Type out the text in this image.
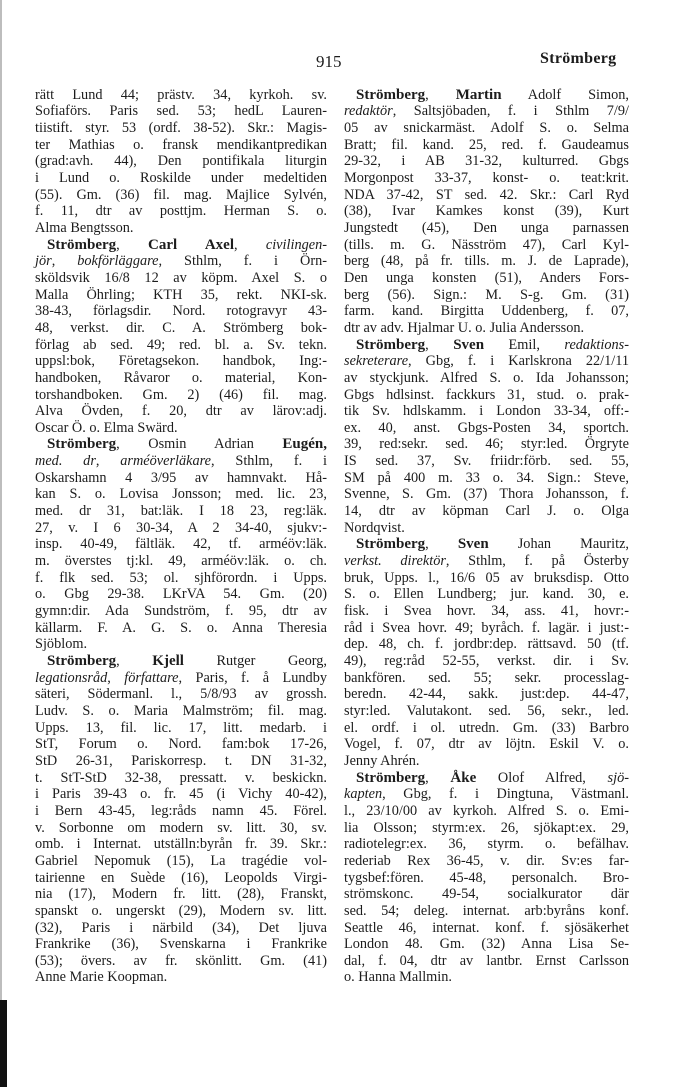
915	Strömberg
rätt Lund 44; prästv. 34, kyrkoh. sv.
Sofiaförs. Paris sed. 53; hedL Lauren-
tiistift. styr. 53 (ordf. 38-52). Skr.: Magis-
ter Mathias o. fransk mendikantpredikan
(grad:avh. 44), Den pontifikala liturgin
i Lund o. Roskilde under medeltiden
(55). Gm. (36) fil. mag. Majlice Sylvén,
f. 11, dtr av posttjm. Herman S. o.
Alma Bengtsson.
Strömberg, Carl Axel, civilingen-
jör, bokförläggare, Sthlm, f. i Örn-
sköldsvik 16/8 12 av köpm. Axel S. o
Malla Öhrling; KTH 35, rekt. NKI-sk.
38-43, förlagsdir. Nord. rotogravyr 43-
48, verkst. dir. C. A. Strömberg bok-
förlag ab sed. 49; red. bl. a. Sv. tekn.
uppsl:bok, Företagsekon. handbok, Ing:-
handboken, Råvaror o. material, Kon-
torshandboken. Gm. 2) (46) fil. mag.
Alva Övden, f. 20, dtr av lärov:adj.
Oscar Ö. o. Elma Swärd.
Strömberg, Osmin Adrian Eugén,
med. dr, arméöverläkare, Sthlm, f. i
Oskarshamn 4 3/95 av hamnvakt. Hå-
kan S. o. Lovisa Jonsson; med. lic. 23,
med. dr 31, bat:läk. I 18 23, reg:läk.
27, v. I 6 30-34, A 2 34-40, sjukv:-
insp. 40-49, fältläk. 42, tf. arméöv:läk.
m. överstes tj:kl. 49, arméöv:läk. o. ch.
f. flk sed. 53; ol. sjhförordn. i Upps.
o. Gbg 29-38. LKrVA 54. Gm. (20)
gymn:dir. Ada Sundström, f. 95, dtr av
källarm. F. A. G. S. o. Anna Theresia
Sjöblom.
Strömberg, Kjell Rutger Georg,
legationsråd, författare, Paris, f. å Lundby
säteri, Södermanl. l., 5/8/93 av grossh.
Ludv. S. o. Maria Malmström; fil. mag.
Upps. 13, fil. lic. 17, litt. medarb. i
StT, Forum o. Nord. fam:bok 17-26,
StD 26-31, Pariskorresp. t. DN 31-32,
t. StT-StD 32-38, pressatt. v. beskickn.
i Paris 39-43 o. fr. 45 (i Vichy 40-42),
i Bern 43-45, leg:råds namn 45. Förel.
v. Sorbonne om modern sv. litt. 30, sv.
omb. i Internat. utställn:byrån fr. 39. Skr.:
Gabriel Nepomuk (15), La tragédie vol-
tairienne en Suède (16), Leopolds Virgi-
nia (17), Modern fr. litt. (28), Franskt,
spanskt o. ungerskt (29), Modern sv. litt.
(32), Paris i närbild (34), Det ljuva
Frankrike (36), Svenskarna i Frankrike
(53); övers. av fr. skönlitt. Gm. (41)
Anne Marie Koopman.
Strömberg, Martin Adolf Simon,
redaktör, Saltsjöbaden, f. i Sthlm 7/9/
05 av snickarmäst. Adolf S. o. Selma
Bratt; fil. kand. 25, red. f. Gaudeamus
29-32, i AB 31-32, kulturred. Gbgs
Morgonpost 33-37, konst- o. teat:krit.
NDA 37-42, ST sed. 42. Skr.: Carl Ryd
(38), Ivar Kamkes konst (39), Kurt
Jungstedt (45), Den unga parnassen
(tills. m. G. Näsström 47), Carl Kyl-
berg (48, på fr. tills. m. J. de Laprade),
Den unga konsten (51), Anders Fors-
berg (56). Sign.: M. S-g. Gm. (31)
farm. kand. Birgitta Uddenberg, f. 07,
dtr av adv. Hjalmar U. o. Julia Andersson.
Strömberg, Sven Emil, redaktions-
sekreterare, Gbg, f. i Karlskrona 22/1/11
av styckjunk. Alfred S. o. Ida Johansson;
Gbgs hdlsinst. fackkurs 31, stud. o. prak-
tik Sv. hdlskamm. i London 33-34, off:-
ex. 40, anst. Gbgs-Posten 34, sportch.
39, red:sekr. sed. 46; styr:led. Örgryte
IS sed. 37, Sv. friidr:förb. sed. 55,
SM på 400 m. 33 o. 34. Sign.: Steve,
Svenne, S. Gm. (37) Thora Johansson, f.
14, dtr av köpman Carl J. o. Olga
Nordqvist.
Strömberg, Sven Johan Mauritz,
verkst. direktör, Sthlm, f. på Österby
bruk, Upps. l., 16/6 05 av bruksdisp. Otto
S. o. Ellen Lundberg; jur. kand. 30, e.
fisk. i Svea hovr. 34, ass. 41, hovr:-
råd i Svea hovr. 49; byråch. f. lagär. i just:-
dep. 48, ch. f. jordbr:dep. rättsavd. 50 (tf.
49), reg:råd 52-55, verkst. dir. i Sv.
bankfören. sed. 55; sekr. processlag-
beredn. 42-44, sakk. just:dep. 44-47,
styr:led. Valutakont. sed. 56, sekr., led.
el. ordf. i ol. utredn. Gm. (33) Barbro
Vogel, f. 07, dtr av löjtn. Eskil V. o.
Jenny Ahrén.
Strömberg, Åke Olof Alfred, sjö-
kapten, Gbg, f. i Dingtuna, Västmanl.
l., 23/10/00 av kyrkoh. Alfred S. o. Emi-
lia Olsson; styrm:ex. 26, sjökapt:ex. 29,
radiotelegr:ex. 36, styrm. o. befälhav.
rederiab Rex 36-45, v. dir. Sv:es far-
tygsbef:fören. 45-48, personalch. Bro-
strömskonc. 49-54, socialkurator där
sed. 54; deleg. internat. arb:byråns konf.
Seattle 46, internat. konf. f. sjösäkerhet
London 48. Gm. (32) Anna Lisa Se-
dal, f. 04, dtr av lantbr. Ernst Carlsson
o. Hanna Mallmin.
